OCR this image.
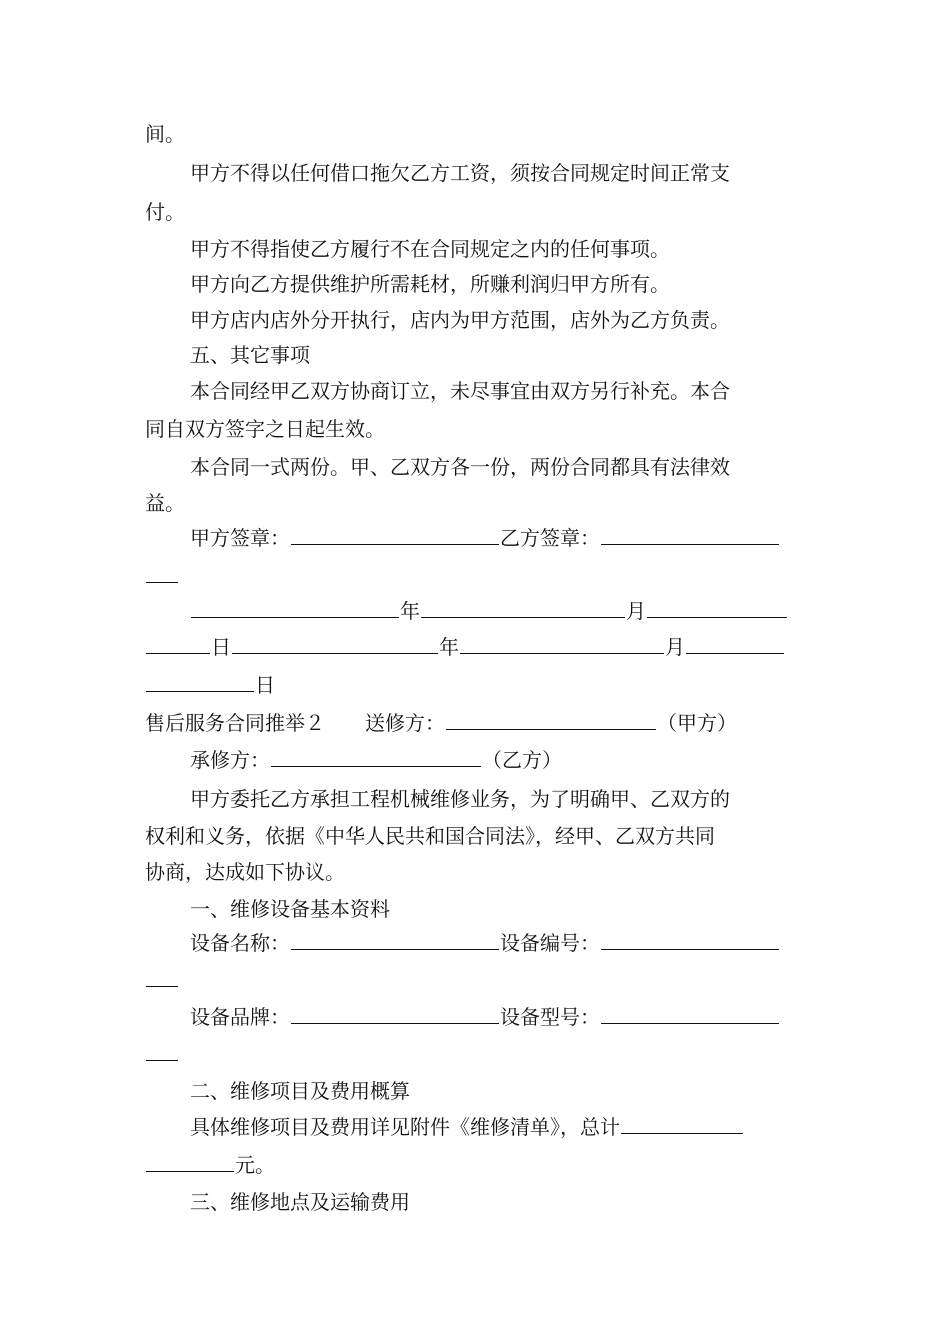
间。
甲方不得以任何借口拖欠乙方工资，须按合同规定时间正常支
付。
甲方不得指使乙方履行不在合同规定之内的任何事项。
甲方向乙方提供维护所需耗材，所赚利润归甲方所有。
甲方店内店外分开执行，店内为甲方范围，店外为乙方负责。
五、其它事项
本合同经甲乙双方协商订立，未尽事宜由双方另行补充。本合
同自双方签字之日起生效。
本合同一式两份。甲、乙双方各一份，两份合同都具有法律效
益。
甲方签章：	乙方签章：
年	月
日	年	月
日
售后服务合同推举２ 送修方：	（甲方）
承修方：	（乙方）
甲方委托乙方承担工程机械维修业务，为了明确甲、乙双方的
权利和义务，依据《中华人民共和国合同法》，经甲、乙双方共同
协商，达成如下协议。
一、维修设备基本资料
设备名称：	设备编号：
设备品牌：	设备型号：
二、维修项目及费用概算
具体维修项目及费用详见附件《维修清单》，总计
元。
三、维修地点及运输费用
